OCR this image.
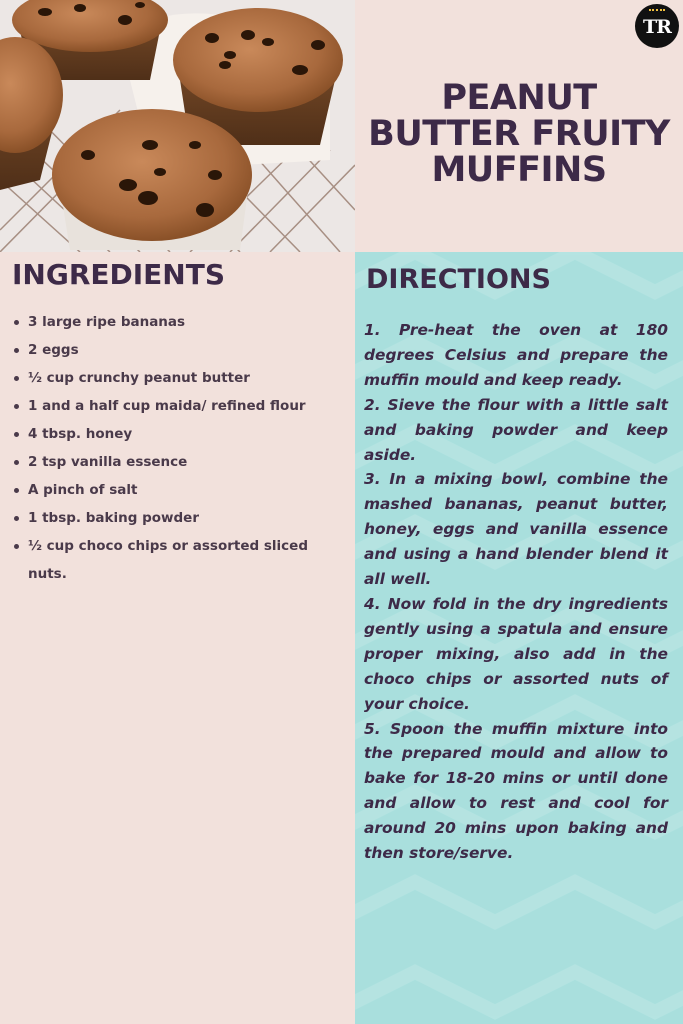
TR
PEANUT
BUTTER FRUITY
MUFFINS
INGREDIENTS
3 large ripe bananas
2 eggs
½ cup crunchy peanut butter
1 and a half cup maida/ refined flour
4 tbsp. honey
2 tsp vanilla essence
A pinch of salt
1 tbsp. baking powder
½ cup choco chips or assorted sliced nuts.
DIRECTIONS
1. Pre-heat the oven at 180 degrees Celsius and prepare the muffin mould and keep ready.
2. Sieve the flour with a little salt and baking powder and keep aside.
3. In a mixing bowl, combine the mashed bananas, peanut butter, honey, eggs and vanilla essence and using a hand blender blend it all well.
4. Now fold in the dry ingredients gently using a spatula and ensure proper mixing, also add in the choco chips or assorted nuts of your choice.
5. Spoon the muffin mixture into the prepared mould and allow to bake for 18-20 mins or until done and allow to rest and cool for around 20 mins upon baking and then store/serve.
